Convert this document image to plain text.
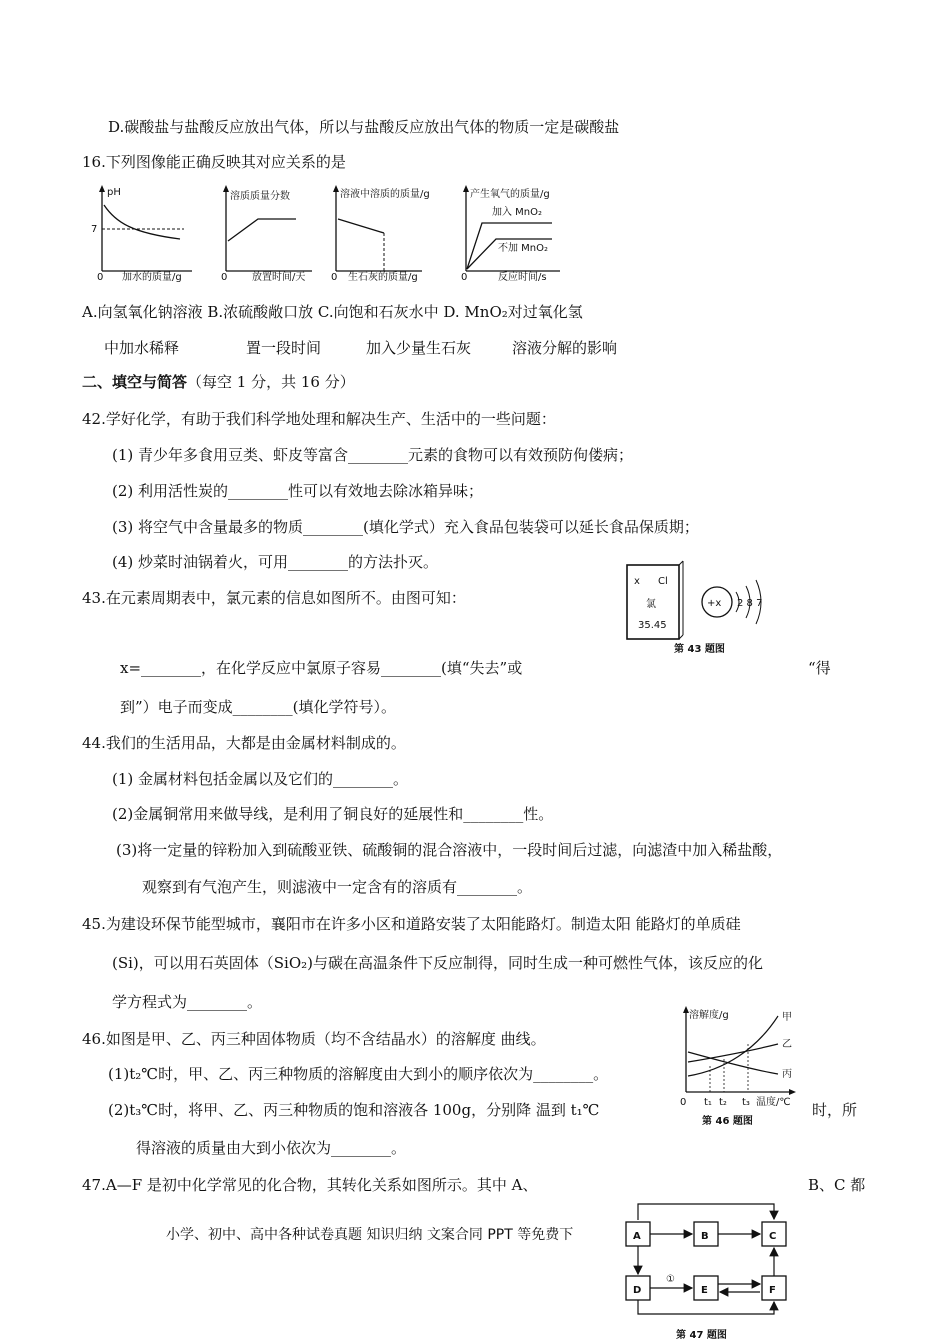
D.碳酸盐与盐酸反应放出气体，所以与盐酸反应放出气体的物质一定是碳酸盐
16.下列图像能正确反映其对应关系的是
pH
7
0 加水的质量/g
溶质质量分数
0 放置时间/天
溶液中溶质的质量/g
0 生石灰的质量/g
产生氧气的质量/g
加入 MnO₂
不加 MnO₂
0	反应时间/s
A.向氢氧化钠溶液 B.浓硫酸敞口放 C.向饱和石灰水中 D. MnO₂对过氧化氢
中加水稀释	置一段时间	加入少量生石灰	溶液分解的影响
二、填空与简答（每空 1 分，共 16 分）
42.学好化学，有助于我们科学地处理和解决生产、生活中的一些问题：
(1) 青少年多食用豆类、虾皮等富含________元素的食物可以有效预防佝偻病；
(2) 利用活性炭的________性可以有效地去除冰箱异味；
(3) 将空气中含量最多的物质________(填化学式）充入食品包装袋可以延长食品保质期；
(4) 炒菜时油锅着火，可用________的方法扑灭。
43.在元素周期表中，氯元素的信息如图所不。由图可知：
x Cl
氯
35.45
+x 2 8 7
第 43 题图
x=________，在化学反应中氯原子容易________(填“失去”或	“得
到”）电子而变成________(填化学符号）。
44.我们的生活用品，大都是由金属材料制成的。
(1) 金属材料包括金属以及它们的________。
(2)金属铜常用来做导线，是利用了铜良好的延展性和________性。
(3)将一定量的锌粉加入到硫酸亚铁、硫酸铜的混合溶液中，一段时间后过滤，向滤渣中加入稀盐酸，
观察到有气泡产生，则滤液中一定含有的溶质有________。
45.为建设环保节能型城市，襄阳市在许多小区和道路安装了太阳能路灯。制造太阳 能路灯的单质硅
(Si)，可以用石英固体（SiO₂)与碳在高温条件下反应制得，同时生成一种可燃性气体，该反应的化
学方程式为________。
46.如图是甲、乙、丙三种固体物质（均不含结晶水）的溶解度 曲线。
(1)t₂℃时，甲、乙、丙三种物质的溶解度由大到小的顺序依次为________。
(2)t₃℃时，将甲、乙、丙三种物质的饱和溶液各 100g，分别降 温到 t₁℃	时，所
得溶液的质量由大到小依次为________。
溶解度/g	甲
乙
丙
0 t₁ t₂ t₃ 温度/℃
第 46 题图
47.A—F 是初中化学常见的化合物，其转化关系如图所示。其中 A、	B、C 都
小学、初中、高中各种试卷真题 知识归纳 文案合同 PPT 等免费下	A	B	C
D	E	F
①
第 47 题图
